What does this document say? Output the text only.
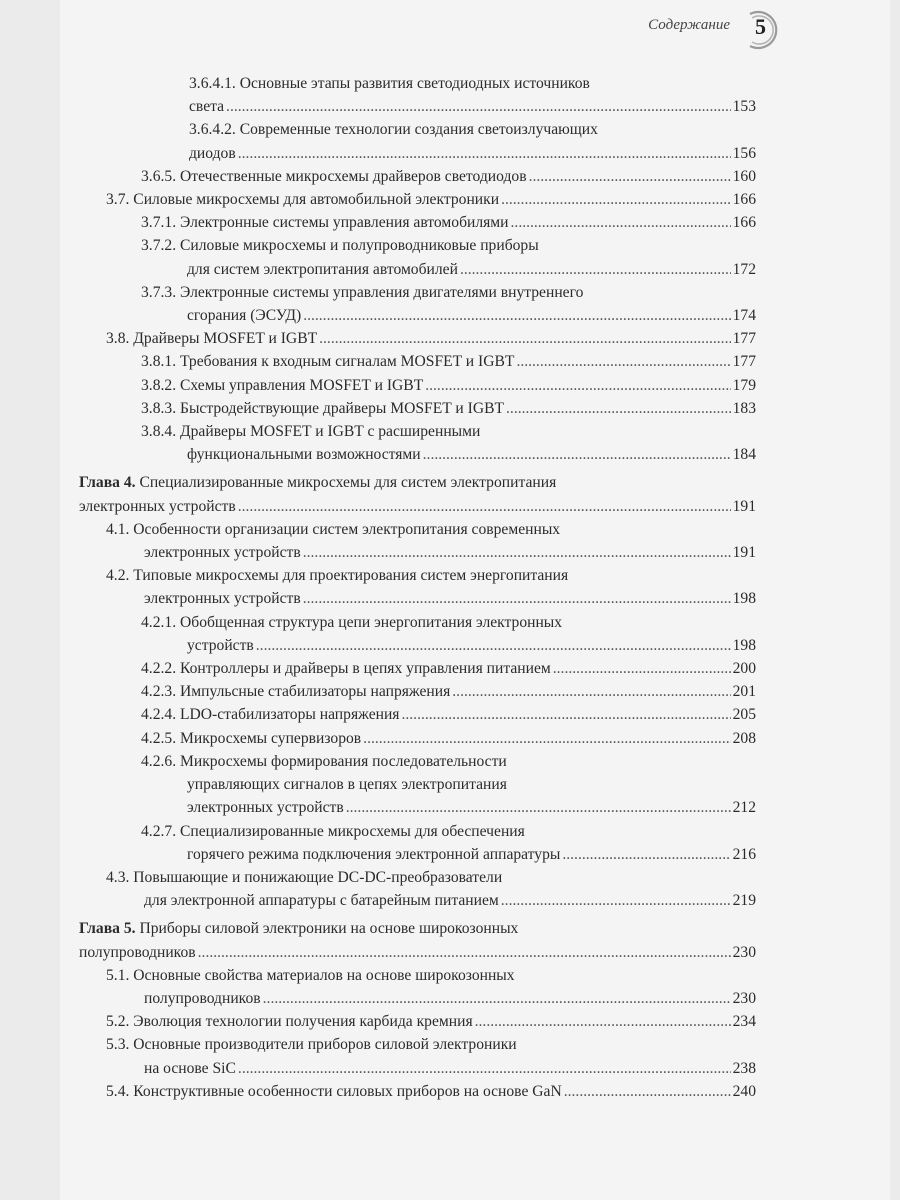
Содержание 5
3.6.4.1. Основные этапы развития светодиодных источников
света .....	153
3.6.4.2. Современные технологии создания светоизлучающих
диодов .....	156
3.6.5. Отечественные микросхемы драйверов светодиодов .....	160
3.7. Силовые микросхемы для автомобильной электроники .....	166
3.7.1. Электронные системы управления автомобилями .....	166
3.7.2. Силовые микросхемы и полупроводниковые приборы
для систем электропитания автомобилей .....	172
3.7.3. Электронные системы управления двигателями внутреннего
сгорания (ЭСУД) .....	174
3.8. Драйверы MOSFET и IGBT .....	177
3.8.1. Требования к входным сигналам MOSFET и IGBT .....	177
3.8.2. Схемы управления MOSFET и IGBT .....	179
3.8.3. Быстродействующие драйверы MOSFET и IGBT .....	183
3.8.4. Драйверы MOSFET и IGBT с расширенными
функциональными возможностями .....	184
Глава 4. Специализированные микросхемы для систем электропитания
электронных устройств .....	191
4.1. Особенности организации систем электропитания современных
электронных устройств .....	191
4.2. Типовые микросхемы для проектирования систем энергопитания
электронных устройств .....	198
4.2.1. Обобщенная структура цепи энергопитания электронных
устройств .....	198
4.2.2. Контроллеры и драйверы в цепях управления питанием .....	200
4.2.3. Импульсные стабилизаторы напряжения .....	201
4.2.4. LDO-стабилизаторы напряжения .....	205
4.2.5. Микросхемы супервизоров .....	208
4.2.6. Микросхемы формирования последовательности
управляющих сигналов в цепях электропитания
электронных устройств .....	212
4.2.7. Специализированные микросхемы для обеспечения
горячего режима подключения электронной аппаратуры .....	216
4.3. Повышающие и понижающие DC-DC-преобразователи
для электронной аппаратуры с батарейным питанием .....	219
Глава 5. Приборы силовой электроники на основе широкозонных
полупроводников .....	230
5.1. Основные свойства материалов на основе широкозонных
полупроводников .....	230
5.2. Эволюция технологии получения карбида кремния .....	234
5.3. Основные производители приборов силовой электроники
на основе SiC .....	238
5.4. Конструктивные особенности силовых приборов на основе GaN .....	240
